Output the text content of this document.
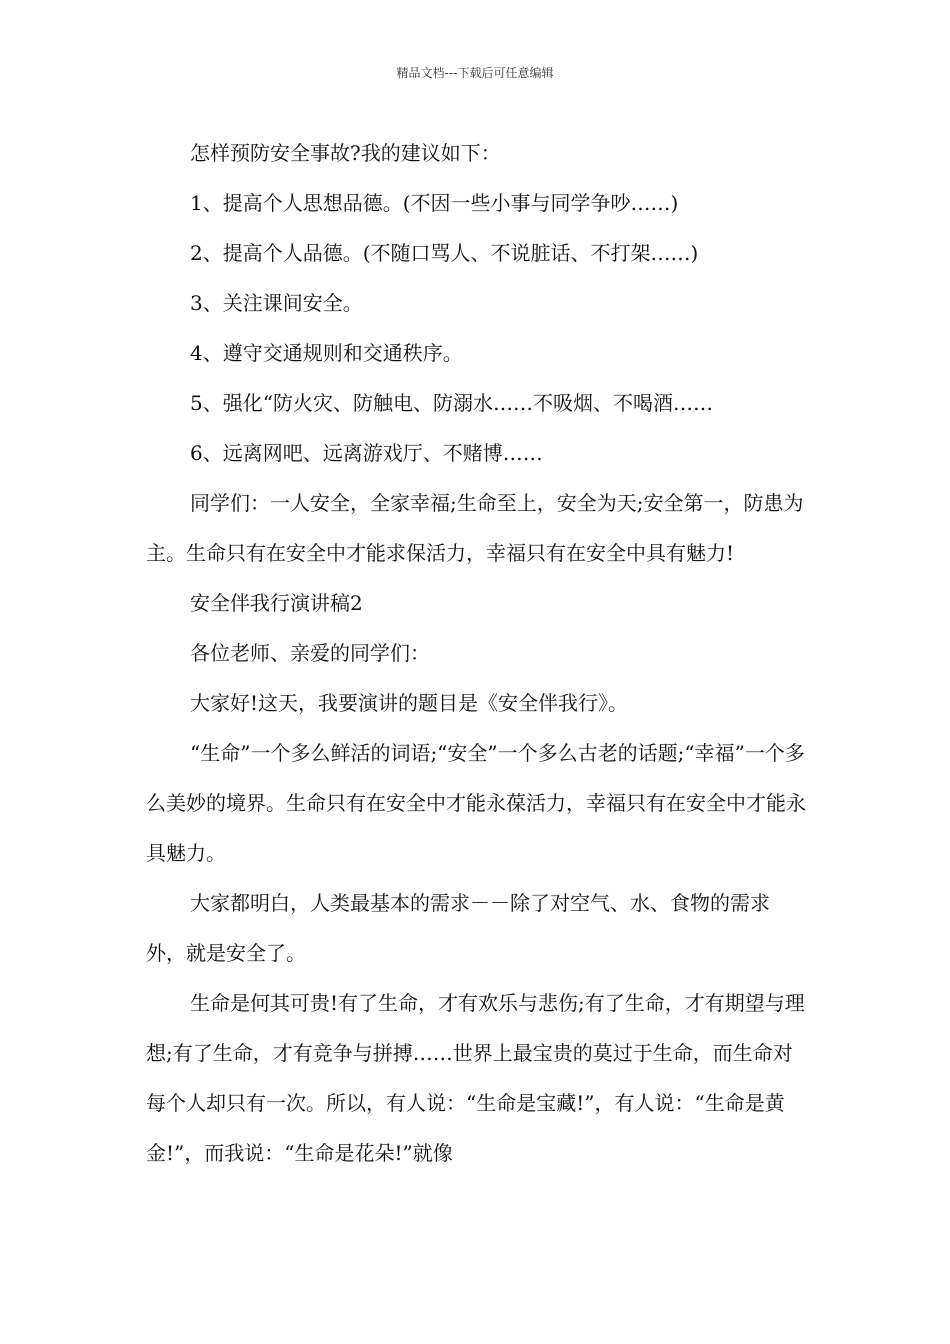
精品文档---下载后可任意编辑

怎样预防安全事故?我的建议如下：

1、提高个人思想品德。(不因一些小事与同学争吵……)

2、提高个人品德。(不随口骂人、不说脏话、不打架……)

3、关注课间安全。

4、遵守交通规则和交通秩序。

5、强化“防火灾、防触电、防溺水……不吸烟、不喝酒……

6、远离网吧、远离游戏厅、不赌博……

同学们：一人安全，全家幸福;生命至上，安全为天;安全第一，防患为主。生命只有在安全中才能求保活力，幸福只有在安全中具有魅力!

安全伴我行演讲稿2

各位老师、亲爱的同学们：

大家好!这天，我要演讲的题目是《安全伴我行》。

“生命”一个多么鲜活的词语;“安全”一个多么古老的话题;“幸福”一个多么美妙的境界。生命只有在安全中才能永葆活力，幸福只有在安全中才能永具魅力。

大家都明白，人类最基本的需求－－除了对空气、水、食物的需求外，就是安全了。

生命是何其可贵!有了生命，才有欢乐与悲伤;有了生命，才有期望与理想;有了生命，才有竞争与拼搏……世界上最宝贵的莫过于生命，而生命对每个人却只有一次。所以，有人说：“生命是宝藏!”，有人说：“生命是黄金!”，而我说：“生命是花朵!”就像
